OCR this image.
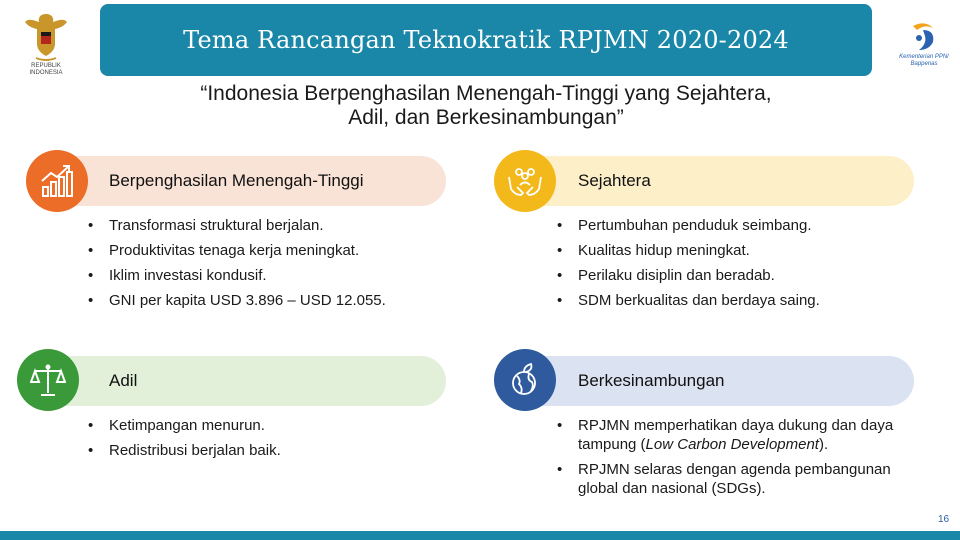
REPUBLIK
INDONESIA
Tema Rancangan Teknokratik RPJMN 2020-2024
Kementerian PPN/
Bappenas
“Indonesia Berpenghasilan Menengah-Tinggi yang Sejahtera,
Adil, dan Berkesinambungan”
Berpenghasilan Menengah-Tinggi
• Transformasi struktural berjalan.
• Produktivitas tenaga kerja meningkat.
• Iklim investasi kondusif.
• GNI per kapita USD 3.896 – USD 12.055.
Sejahtera
• Pertumbuhan penduduk seimbang.
• Kualitas hidup meningkat.
• Perilaku disiplin dan beradab.
• SDM berkualitas dan berdaya saing.
Adil
• Ketimpangan menurun.
• Redistribusi berjalan baik.
Berkesinambungan
• RPJMN memperhatikan daya dukung dan daya tampung (Low Carbon Development).
• RPJMN selaras dengan agenda pembangunan global dan nasional (SDGs).
16
